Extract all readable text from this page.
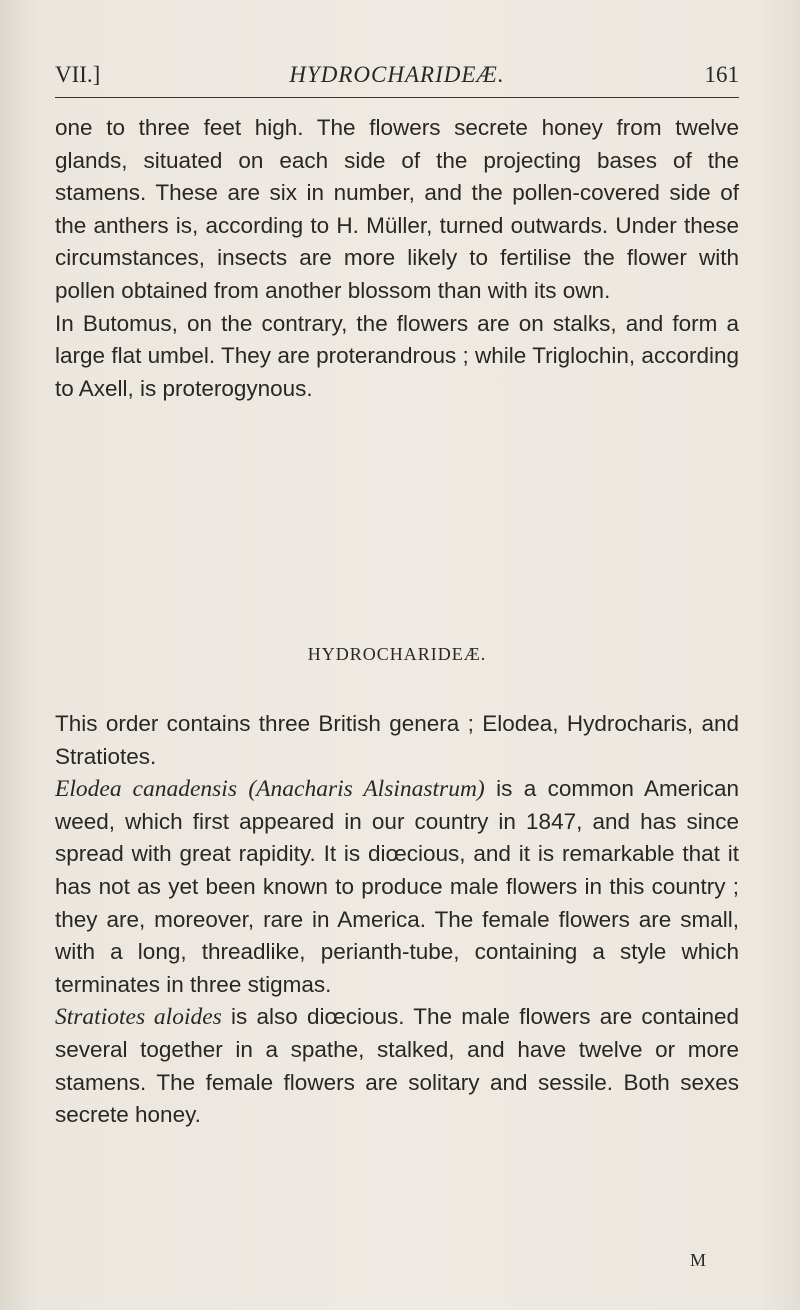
VII.]	HYDROCHARIDEÆ.	161

one to three feet high. The flowers secrete honey from twelve glands, situated on each side of the projecting bases of the stamens. These are six in number, and the pollen-covered side of the anthers is, according to H. Müller, turned outwards. Under these circumstances, insects are more likely to fertilise the flower with pollen obtained from another blossom than with its own.

In Butomus, on the contrary, the flowers are on stalks, and form a large flat umbel. They are proterandrous ; while Triglochin, according to Axell, is proterogynous.

HYDROCHARIDEÆ.

This order contains three British genera ; Elodea, Hydrocharis, and Stratiotes.

Elodea canadensis (Anacharis Alsinastrum) is a common American weed, which first appeared in our country in 1847, and has since spread with great rapidity. It is diœcious, and it is remarkable that it has not as yet been known to produce male flowers in this country ; they are, moreover, rare in America. The female flowers are small, with a long, threadlike, perianth-tube, containing a style which terminates in three stigmas.

Stratiotes aloides is also diœcious. The male flowers are contained several together in a spathe, stalked, and have twelve or more stamens. The female flowers are solitary and sessile. Both sexes secrete honey.

M
